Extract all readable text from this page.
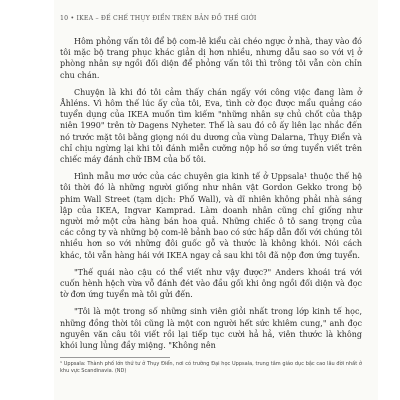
10 • IKEA – ĐẾ CHẾ THỤY ĐIỂN TRÊN BẢN ĐỒ THẾ GIỚI

Hôm phỏng vấn tôi để bộ com-lê kiểu cài chéo ngực ở nhà, thay vào đó tôi mặc bộ trang phục khác giản dị hơn nhiều, nhưng dẫu sao so với vị ở phòng nhân sự ngồi đối diện để phỏng vấn tôi thì trông tôi vẫn còn chỉn chu chán.

Chuyện là khi đó tôi cảm thấy chán ngấy với công việc đang làm ở Åhléns. Vì hôm thế lúc ấy của tôi, Eva, tình cờ đọc được mẩu quảng cáo tuyển dụng của IKEA muốn tìm kiếm "những nhân sự chủ chốt của thập niên 1990" trên tờ Dagens Nyheter. Thế là sau đó cô ấy liên lạc nhắc đến nó trước mặt tôi bằng giọng nói du dương của vùng Dalarna, Thụy Điển và chỉ chịu ngừng lại khi tôi đánh miễn cưỡng nộp hồ sơ ứng tuyển viết trên chiếc máy đánh chữ IBM của bố tôi.

Hình mẫu mơ ước của các chuyên gia kinh tế ở Uppsala¹ thuộc thế hệ tôi thời đó là những người giống như nhân vật Gordon Gekko trong bộ phim Wall Street (tạm dịch: Phố Wall), và dĩ nhiên không phải nhà sáng lập của IKEA, Ingvar Kamprad. Làm doanh nhân cũng chỉ giống như người mở một cửa hàng bán hoa quả. Những chiếc ô tô sang trọng của các công ty và những bộ com-lê bảnh bao có sức hấp dẫn đối với chúng tôi nhiều hơn so với những đôi guốc gỗ và thước là không khói. Nói cách khác, tôi vẫn hàng hái với IKEA ngay cả sau khi tôi đã nộp đơn ứng tuyển.

"Thế quái nào cậu có thể viết như vậy được?" Anders khoái trá với cuốn hènh hệch vừa vỗ đánh đét vào đầu gối khi ông ngồi đối diện và đọc tờ đơn ứng tuyển mà tôi gửi đến.

"Tôi là một trong số những sinh viên giỏi nhất trong lớp kinh tế học, những đồng thời tôi cũng là một con người hết sức khiêm cung," anh đọc nguyên văn câu tôi viết rồi lại tiếp tục cười hả hả, viên thước là không khói lung lủng đầy miệng. "Không nên

¹ Uppsala: Thành phố lớn thứ tư ở Thụy Điển, nơi có trường Đại học Uppsala, trung tâm giáo dục bậc cao lâu đời nhất ở khu vực Scandinavia. (ND)
